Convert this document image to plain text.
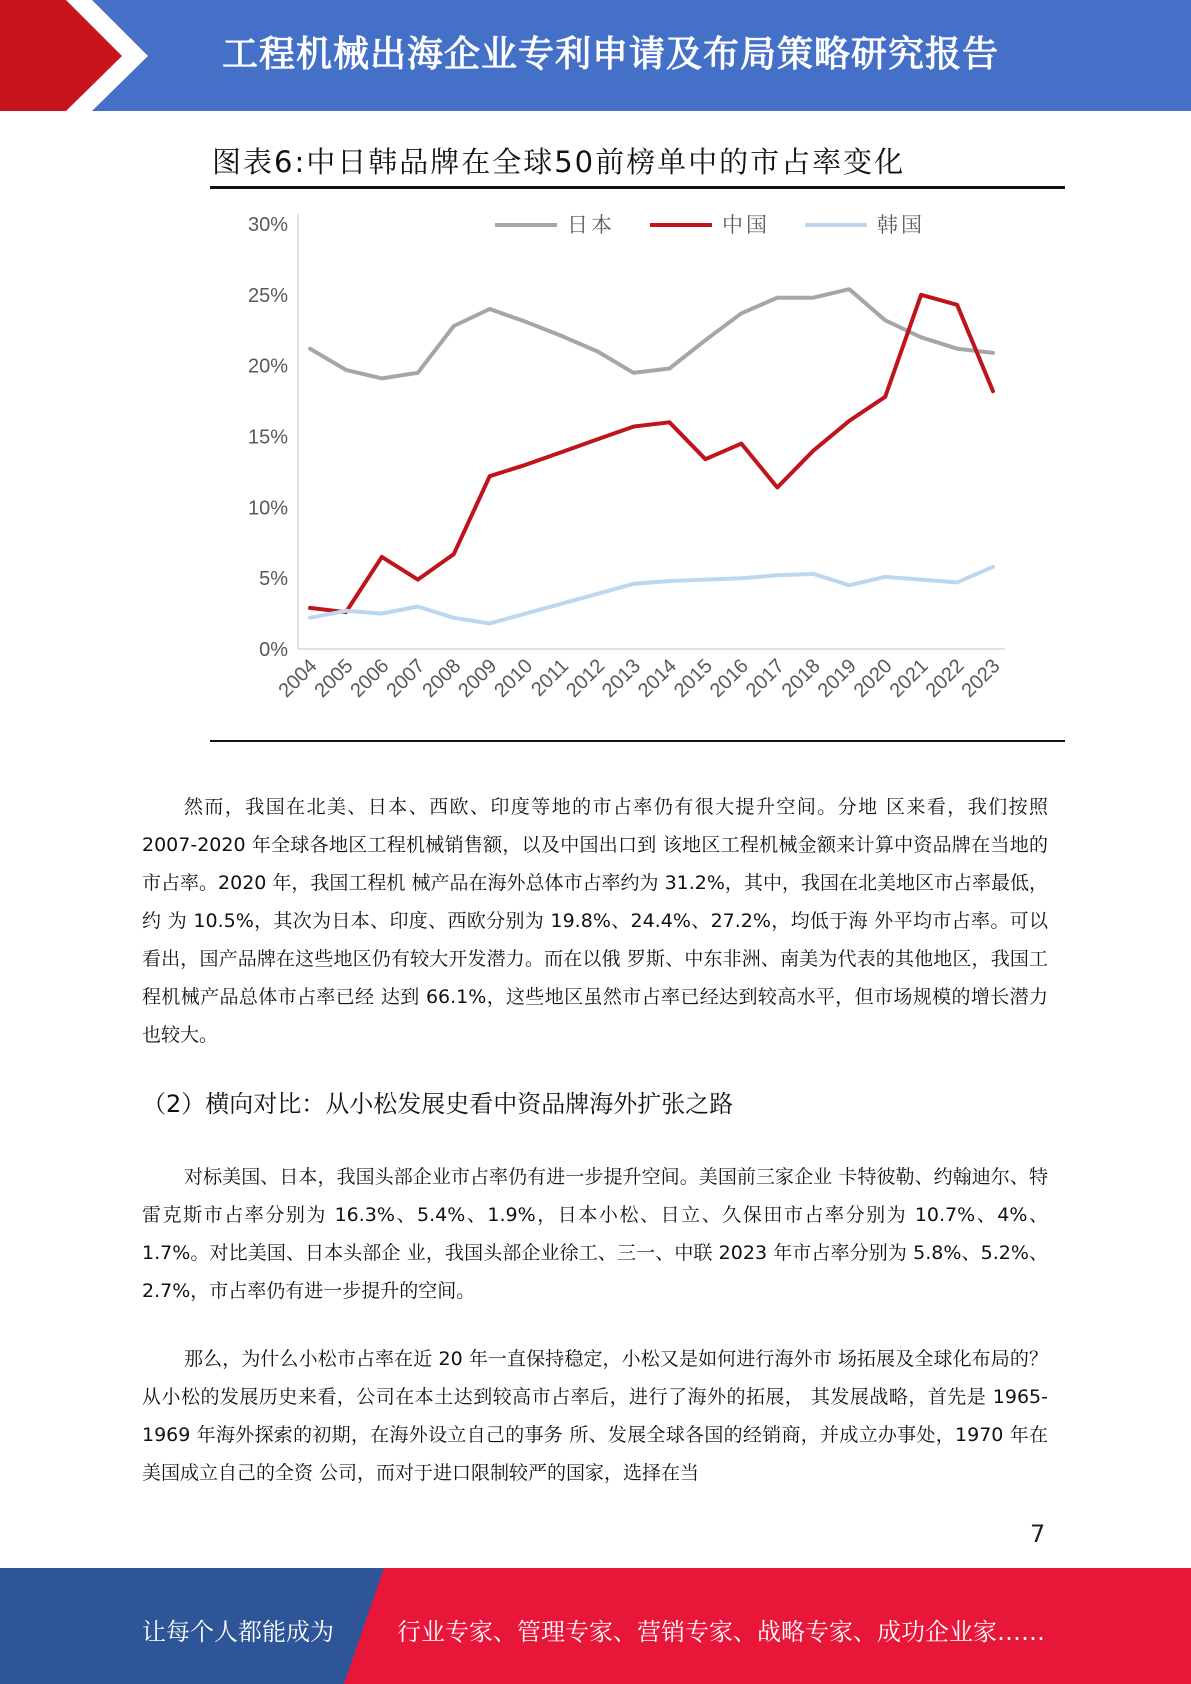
工程机械出海企业专利申请及布局策略研究报告
图表6:中日韩品牌在全球50前榜单中的市占率变化
0%
5%
10%
15%
20%
25%
30%
2004
2005
2006
2007
2008
2009
2010
2011
2012
2013
2014
2015
2016
2017
2018
2019
2020
2021
2022
2023
日本	中国	韩国
然而，我国在北美、日本、西欧、印度等地的市占率仍有很大提升空间。分地 区来看，我们按照 2007-2020 年全球各地区工程机械销售额，以及中国出口到 该地区工程机械金额来计算中资品牌在当地的市占率。2020 年，我国工程机 械产品在海外总体市占率约为 31.2%，其中，我国在北美地区市占率最低，约 为 10.5%，其次为日本、印度、西欧分别为 19.8%、24.4%、27.2%，均低于海 外平均市占率。可以看出，国产品牌在这些地区仍有较大开发潜力。而在以俄 罗斯、中东非洲、南美为代表的其他地区，我国工程机械产品总体市占率已经 达到 66.1%，这些地区虽然市占率已经达到较高水平，但市场规模的增长潜力 也较大。
（2）横向对比：从小松发展史看中资品牌海外扩张之路
对标美国、日本，我国头部企业市占率仍有进一步提升空间。美国前三家企业 卡特彼勒、约翰迪尔、特雷克斯市占率分别为 16.3%、5.4%、1.9%，日本小松、日立、久保田市占率分别为 10.7%、4%、1.7%。对比美国、日本头部企 业，我国头部企业徐工、三一、中联 2023 年市占率分别为 5.8%、5.2%、 2.7%，市占率仍有进一步提升的空间。
那么，为什么小松市占率在近 20 年一直保持稳定，小松又是如何进行海外市 场拓展及全球化布局的？ 从小松的发展历史来看，公司在本土达到较高市占率后，进行了海外的拓展， 其发展战略，首先是 1965-1969 年海外探索的初期，在海外设立自己的事务 所、发展全球各国的经销商，并成立办事处，1970 年在美国成立自己的全资 公司，而对于进口限制较严的国家，选择在当
7
让每个人都能成为	行业专家、管理专家、营销专家、战略专家、成功企业家……
